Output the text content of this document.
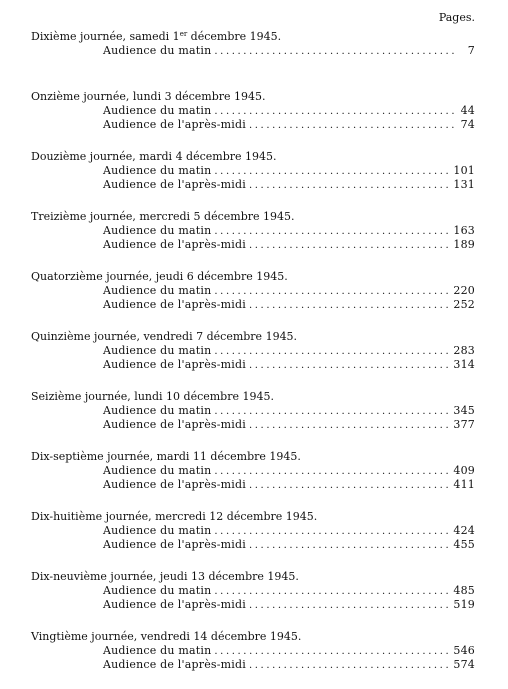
Pages.
Dixième journée, samedi 1er décembre 1945.
Audience du matin .....	7
Onzième journée, lundi 3 décembre 1945.
Audience du matin .....	44
Audience de l'après-midi .....	74
Douzième journée, mardi 4 décembre 1945.
Audience du matin .....	101
Audience de l'après-midi .....	131
Treizième journée, mercredi 5 décembre 1945.
Audience du matin .....	163
Audience de l'après-midi .....	189
Quatorzième journée, jeudi 6 décembre 1945.
Audience du matin .....	220
Audience de l'après-midi .....	252
Quinzième journée, vendredi 7 décembre 1945.
Audience du matin .....	283
Audience de l'après-midi .....	314
Seizième journée, lundi 10 décembre 1945.
Audience du matin .....	345
Audience de l'après-midi .....	377
Dix-septième journée, mardi 11 décembre 1945.
Audience du matin .....	409
Audience de l'après-midi .....	411
Dix-huitième journée, mercredi 12 décembre 1945.
Audience du matin .....	424
Audience de l'après-midi .....	455
Dix-neuvième journée, jeudi 13 décembre 1945.
Audience du matin .....	485
Audience de l'après-midi .....	519
Vingtième journée, vendredi 14 décembre 1945.
Audience du matin .....	546
Audience de l'après-midi .....	574
